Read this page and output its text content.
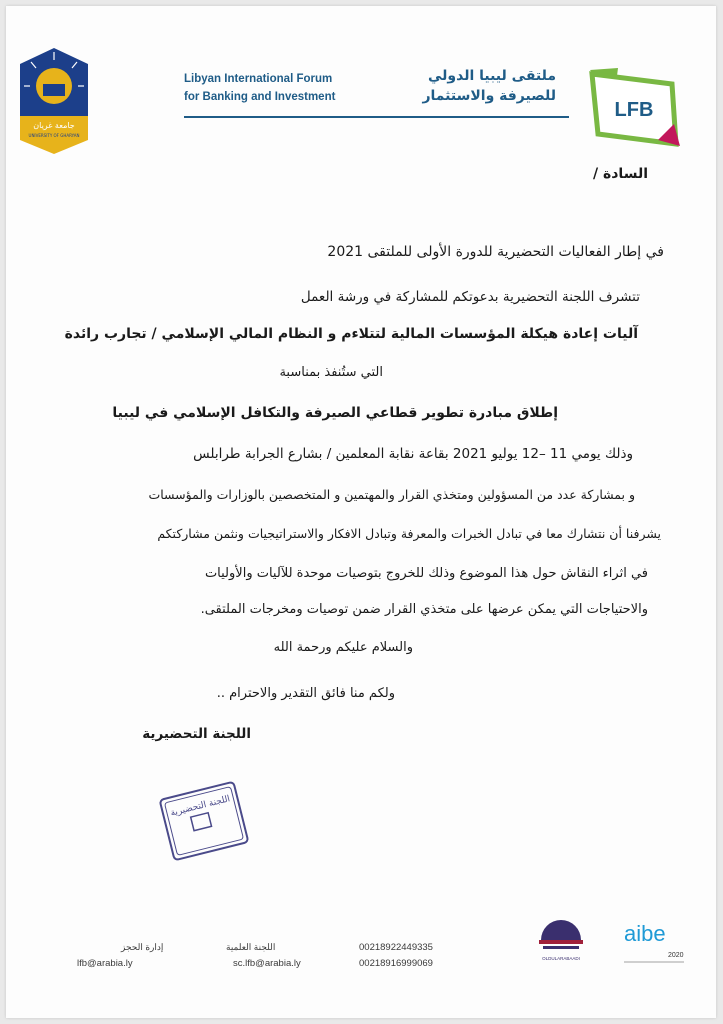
جامعة غريان
UNIVERSITY OF GHARYAN
Libyan International Forum
for Banking and Investment
ملتقى ليبيا الدولي
للصيرفة والاستثمار
LFB
السادة /
في إطار الفعاليات التحضيرية للدورة الأولى للملتقى 2021
تتشرف اللجنة التحضيرية بدعوتكم للمشاركة في ورشة العمل
آليات إعادة هيكلة المؤسسات المالية لتتلاءم و النظام المالي الإسلامي / تجارب رائدة
التي ستُنفذ بمناسبة
إطلاق مبادرة تطوير قطاعي الصيرفة والتكافل الإسلامي في ليبيا
وذلك يومي 11 –12 يوليو 2021 بقاعة نقابة المعلمين / بشارع الجرابة طرابلس
و بمشاركة عدد من المسؤولين ومتخذي القرار والمهتمين و المتخصصين بالوزارات والمؤسسات
يشرفنا أن نتشارك معا في تبادل الخبرات والمعرفة وتبادل الافكار والاستراتيجيات ونثمن مشاركتكم
في اثراء النقاش حول هذا الموضوع وذلك للخروج بتوصيات موحدة للآليات والأوليات
والاحتياجات التي يمكن عرضها على متخذي القرار ضمن توصيات ومخرجات الملتقى.
والسلام عليكم ورحمة الله
ولكم منا فائق التقدير والاحترام ..
اللجنة التحضيرية
اللجنة التحضيرية
إدارة الحجز
lfb@arabia.ly
اللجنة العلمية
sc.lfb@arabia.ly
00218922449335
00218916999069	OLDULARABAADI
aibe
2020
